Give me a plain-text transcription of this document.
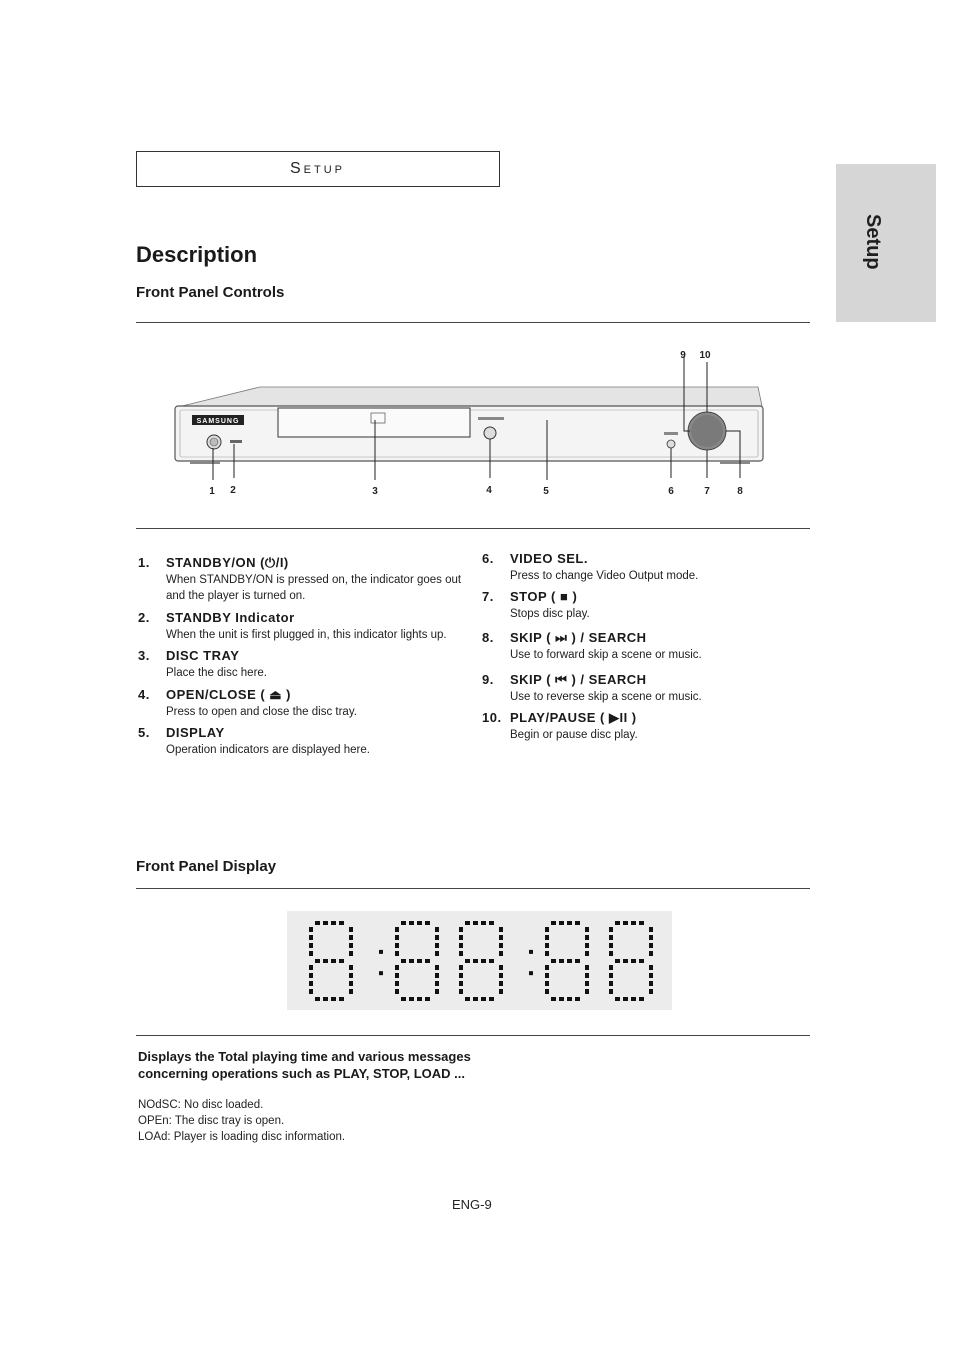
Setup
Setup
Description
Front Panel Controls
SAMSUNG
1 2	3	4	5	6	7	8
9 10
1. STANDBY/ON (⏻/I)
When STANDBY/ON is pressed on, the indicator goes out and the player is turned on.
2. STANDBY Indicator
When the unit is first plugged in, this indicator lights up.
3. DISC TRAY
Place the disc here.
4. OPEN/CLOSE ( ⏏ )
Press to open and close the disc tray.
5. DISPLAY
Operation indicators are displayed here.
6. VIDEO SEL.
Press to change Video Output mode.
7. STOP ( ■ )
Stops disc play.
8. SKIP ( ⏭ ) / SEARCH
Use to forward skip a scene or music.
9. SKIP ( ⏮ ) / SEARCH
Use to reverse skip a scene or music.
10. PLAY/PAUSE ( ▶II )
Begin or pause disc play.
Front Panel Display
Displays the Total playing time and various messages concerning operations such as PLAY, STOP, LOAD ...
NOdSC: No disc loaded.
OPEn: The disc tray is open.
LOAd: Player is loading disc information.
ENG-9
